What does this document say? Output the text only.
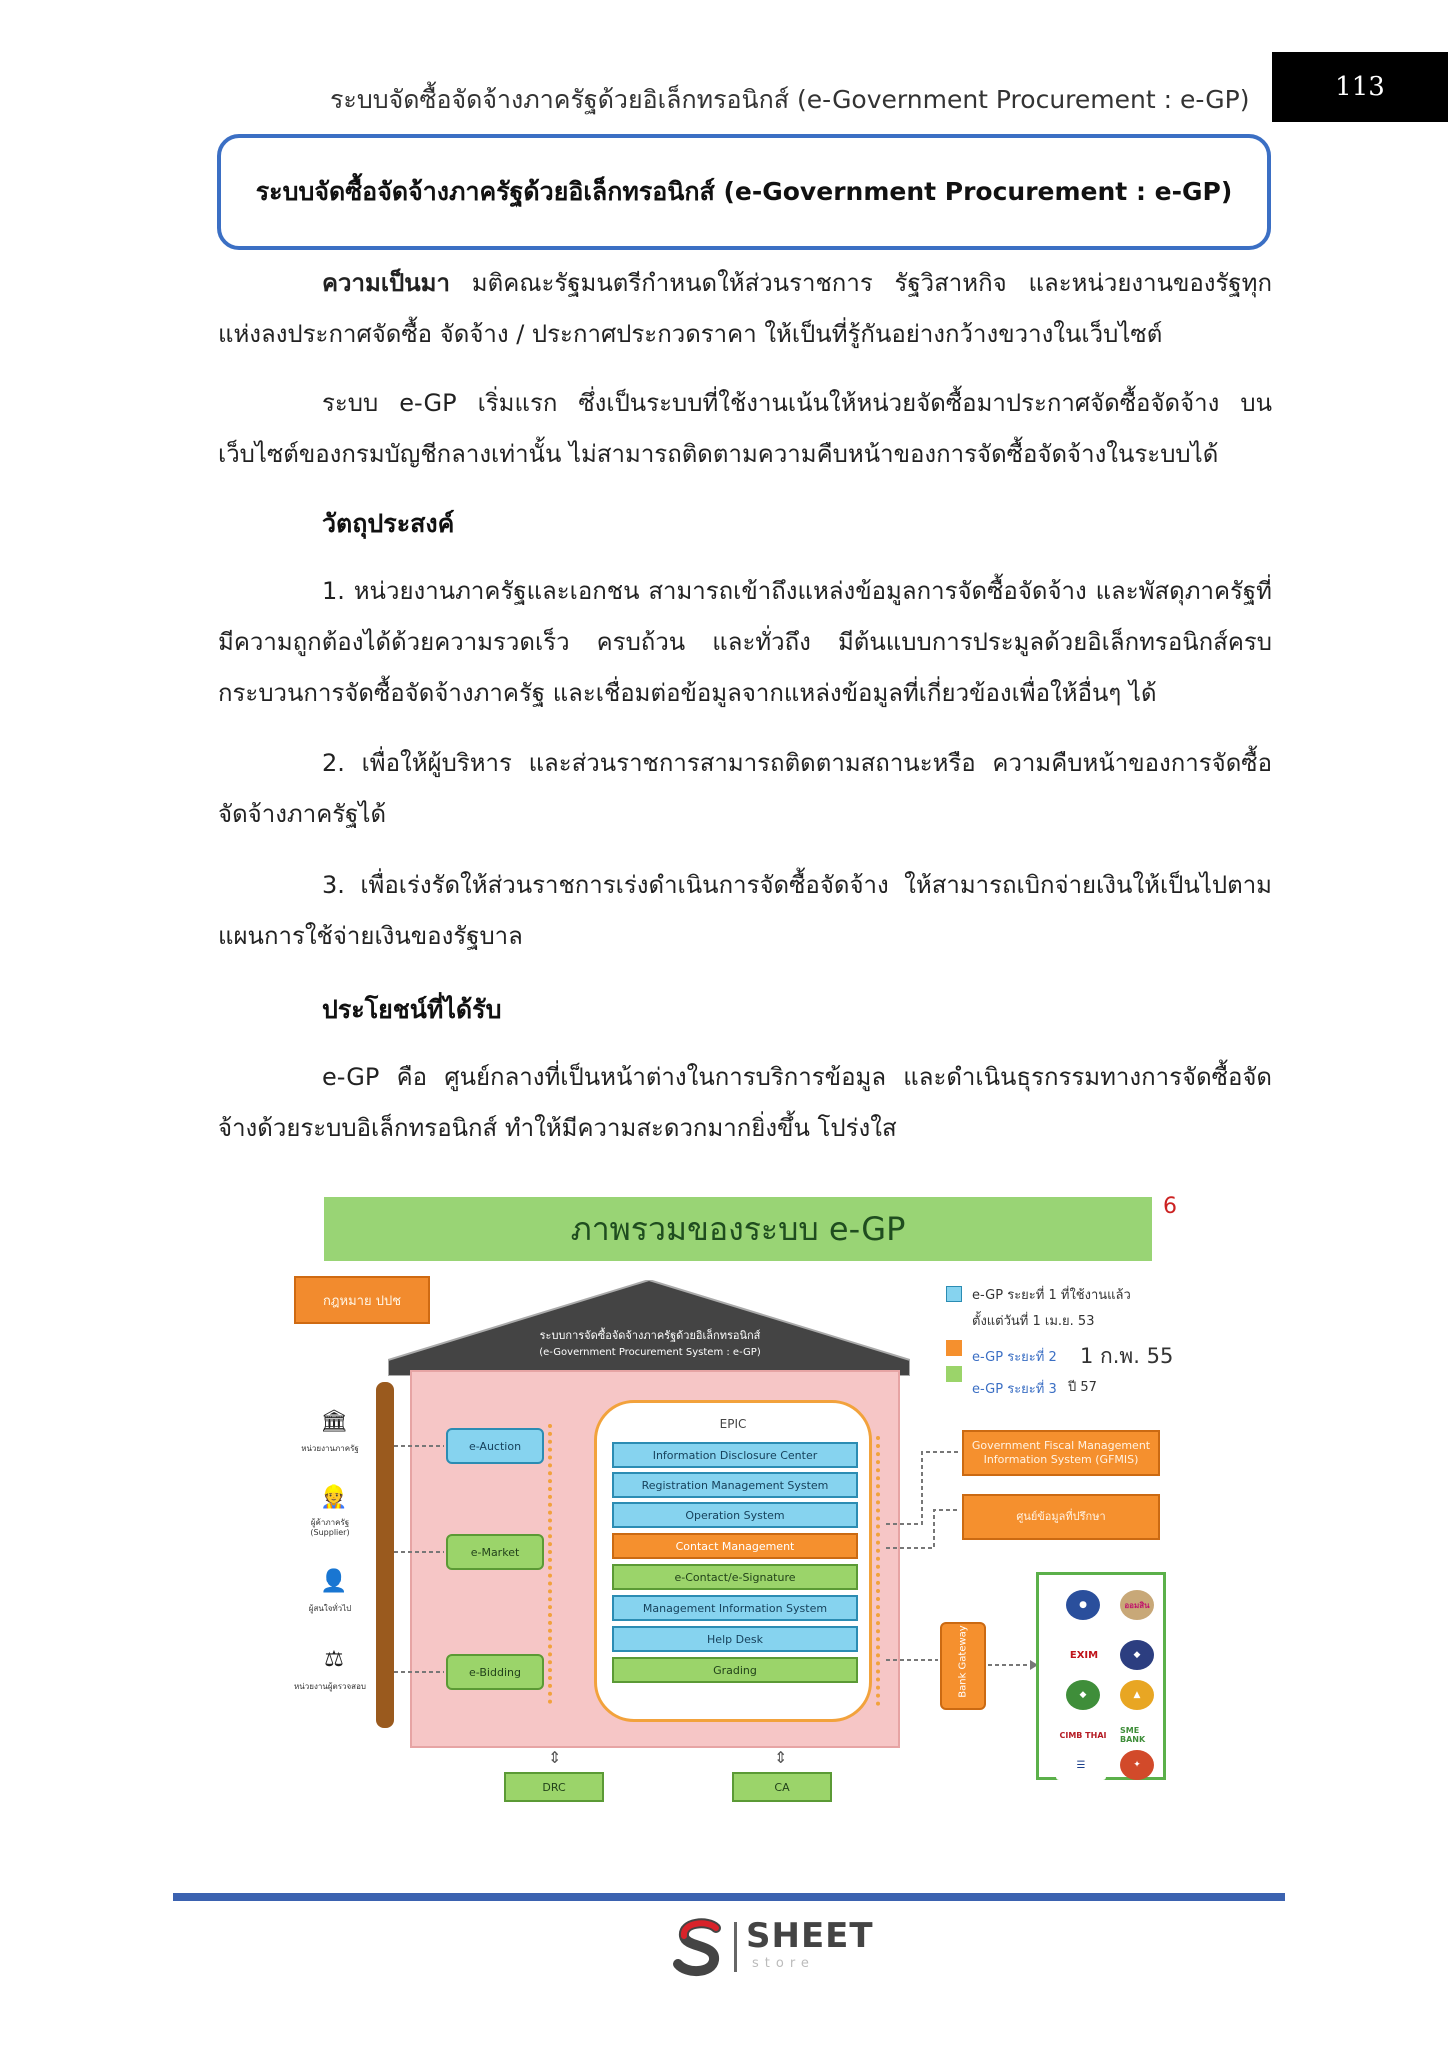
ระบบจัดซื้อจัดจ้างภาครัฐด้วยอิเล็กทรอนิกส์ (e-Government Procurement : e-GP)	113
ระบบจัดซื้อจัดจ้างภาครัฐด้วยอิเล็กทรอนิกส์ (e-Government Procurement : e-GP)
ความเป็นมา มติคณะรัฐมนตรีกำหนดให้ส่วนราชการ รัฐวิสาหกิจ และหน่วยงานของรัฐทุกแห่งลงประกาศจัดซื้อ จัดจ้าง / ประกาศประกวดราคา ให้เป็นที่รู้กันอย่างกว้างขวางในเว็บไซต์
ระบบ e-GP เริ่มแรก ซึ่งเป็นระบบที่ใช้งานเน้นให้หน่วยจัดซื้อมาประกาศจัดซื้อจัดจ้าง บนเว็บไซต์ของกรมบัญชีกลางเท่านั้น ไม่สามารถติดตามความคืบหน้าของการจัดซื้อจัดจ้างในระบบได้
วัตถุประสงค์
1. หน่วยงานภาครัฐและเอกชน สามารถเข้าถึงแหล่งข้อมูลการจัดซื้อจัดจ้าง และพัสดุภาครัฐที่มีความถูกต้องได้ด้วยความรวดเร็ว ครบถ้วน และทั่วถึง มีต้นแบบการประมูลด้วยอิเล็กทรอนิกส์ครบกระบวนการจัดซื้อจัดจ้างภาครัฐ และเชื่อมต่อข้อมูลจากแหล่งข้อมูลที่เกี่ยวข้องเพื่อให้อื่นๆ ได้
2. เพื่อให้ผู้บริหาร และส่วนราชการสามารถติดตามสถานะหรือ ความคืบหน้าของการจัดซื้อจัดจ้างภาครัฐได้
3. เพื่อเร่งรัดให้ส่วนราชการเร่งดำเนินการจัดซื้อจัดจ้าง ให้สามารถเบิกจ่ายเงินให้เป็นไปตามแผนการใช้จ่ายเงินของรัฐบาล
ประโยชน์ที่ได้รับ
e-GP คือ ศูนย์กลางที่เป็นหน้าต่างในการบริการข้อมูล และดำเนินธุรกรรมทางการจัดซื้อจัดจ้างด้วยระบบอิเล็กทรอนิกส์ ทำให้มีความสะดวกมากยิ่งขึ้น โปร่งใส
ภาพรวมของระบบ e-GP
6
กฎหมาย ปปช
ระบบการจัดซื้อจัดจ้างภาครัฐด้วยอิเล็กทรอนิกส์
(e-Government Procurement System : e-GP)
EPIC
Information Disclosure Center
Registration Management System
Operation System
Contact Management
e-Contact/e-Signature
Management Information System
Help Desk
Grading
e-Auction
e-Market
e-Bidding
🏛
หน่วยงานภาครัฐ
👷
ผู้ค้าภาครัฐ
(Supplier)
👤
ผู้สนใจทั่วไป
⚖
หน่วยงานผู้ตรวจสอบ
e-GP ระยะที่ 1 ที่ใช้งานแล้ว
ตั้งแต่วันที่ 1 เม.ย. 53
e-GP ระยะที่ 2 1 ก.พ. 55
e-GP ระยะที่ 3 ปี 57
Government Fiscal Management Information System (GFMIS)
ศูนย์ข้อมูลที่ปรึกษา
Bank Gateway
●	ออมสิน
EXIM	◆
◆	▲
CIMB THAI SME BANK
☰	✦
⇕	⇕
DRC	CA
SHEET
store
